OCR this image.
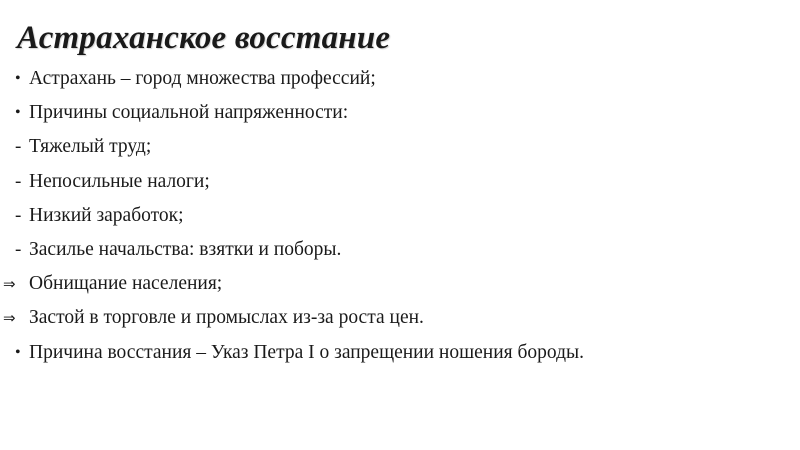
Астраханское восстание
• Астрахань – город множества профессий;
• Причины социальной напряженности:
- Тяжелый труд;
- Непосильные налоги;
- Низкий заработок;
- Засилье начальства: взятки и поборы.
⇒ Обнищание населения;
⇒ Застой в торговле и промыслах из-за роста цен.
• Причина восстания – Указ Петра I о запрещении ношения бороды.
